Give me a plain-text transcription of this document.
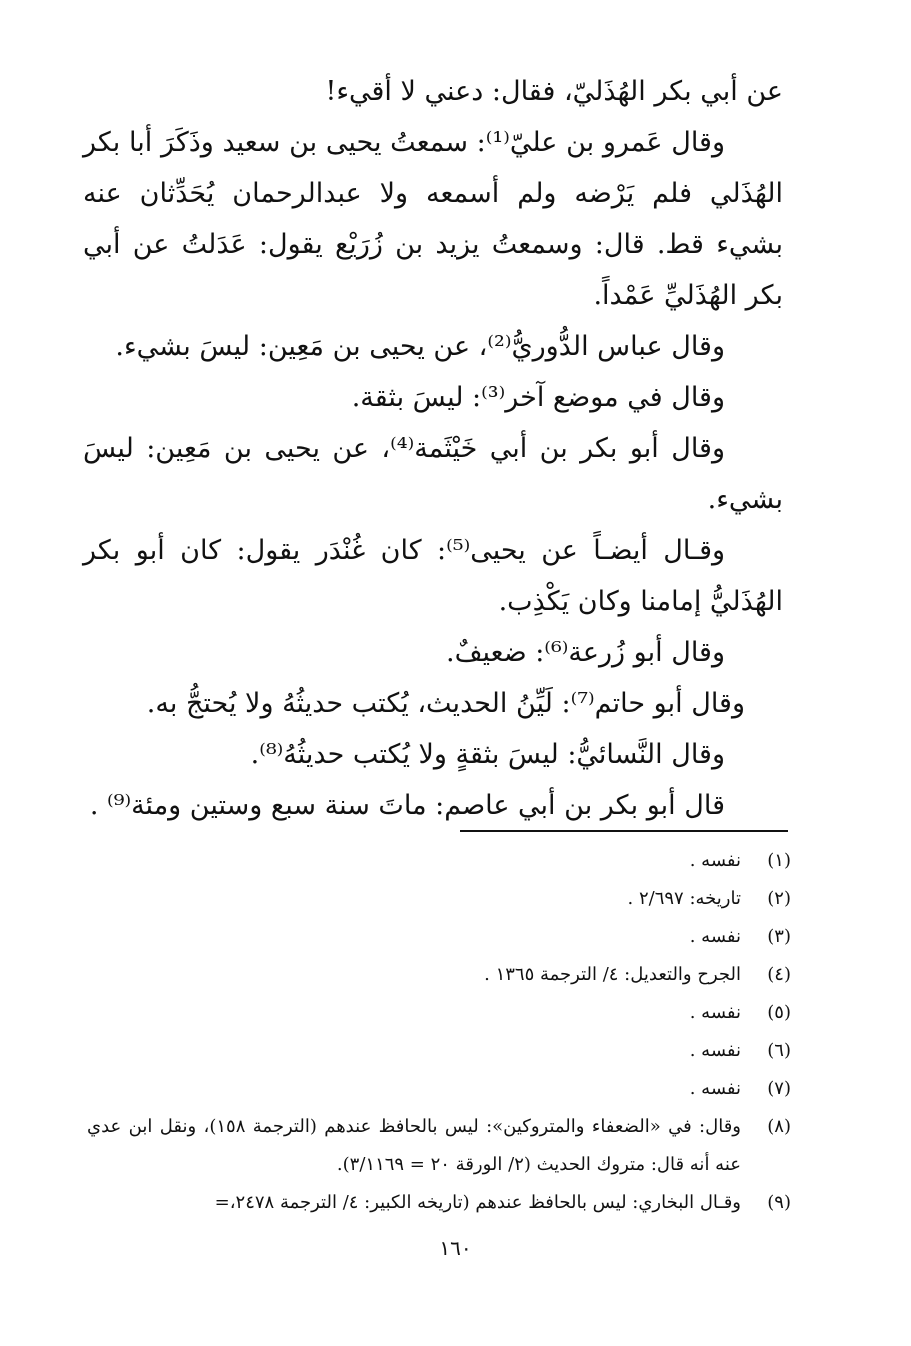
عن أبي بكر الهُذَليّ، فقال: دعني لا أقيء!

وقال عَمرو بن عليّ⁽¹⁾: سمعتُ يحيى بن سعيد وذَكَرَ أبا بكر الهُذَلي فلم يَرْضه ولم أسمعه ولا عبدالرحمان يُحَدِّثان عنه بشيء قط. قال: وسمعتُ يزيد بن زُرَيْع يقول: عَدَلتُ عن أبي بكر الهُذَليِّ عَمْداً.

وقال عباس الدُّوريُّ⁽²⁾، عن يحيى بن مَعِين: ليسَ بشيء.

وقال في موضع آخر⁽³⁾: ليسَ بثقة.

وقال أبو بكر بن أبي خَيْثَمة⁽⁴⁾، عن يحيى بن مَعِين: ليسَ بشيء.

وقـال أيضـاً عن يحيى⁽⁵⁾: كان غُنْدَر يقول: كان أبو بكر الهُذَليُّ إمامنا وكان يَكْذِب.

وقال أبو زُرعة⁽⁶⁾: ضعيفٌ.

وقال أبو حاتم⁽⁷⁾: لَيِّنُ الحديث، يُكتب حديثُهُ ولا يُحتجُّ به.

وقال النَّسائيُّ: ليسَ بثقةٍ ولا يُكتب حديثُهُ⁽⁸⁾.

قال أبو بكر بن أبي عاصم: ماتَ سنة سبع وستين ومئة⁽⁹⁾ .

(١)
نفسه .
(٢)
تاريخه: ٢/٦٩٧ .
(٣)
نفسه .
(٤)
الجرح والتعديل: ٤/ الترجمة ١٣٦٥ .
(٥)
نفسه .
(٦)
نفسه .
(٧)
نفسه .
(٨)
وقال: في «الضعفاء والمتروكين»: ليس بالحافظ عندهم (الترجمة ١٥٨)، ونقل ابن عدي عنه أنه قال: متروك الحديث (٢/ الورقة ٢٠ = ٣/١١٦٩).
(٩)
وقـال البخاري: ليس بالحافظ عندهم (تاريخه الكبير: ٤/ الترجمة ٢٤٧٨،=
١٦٠
